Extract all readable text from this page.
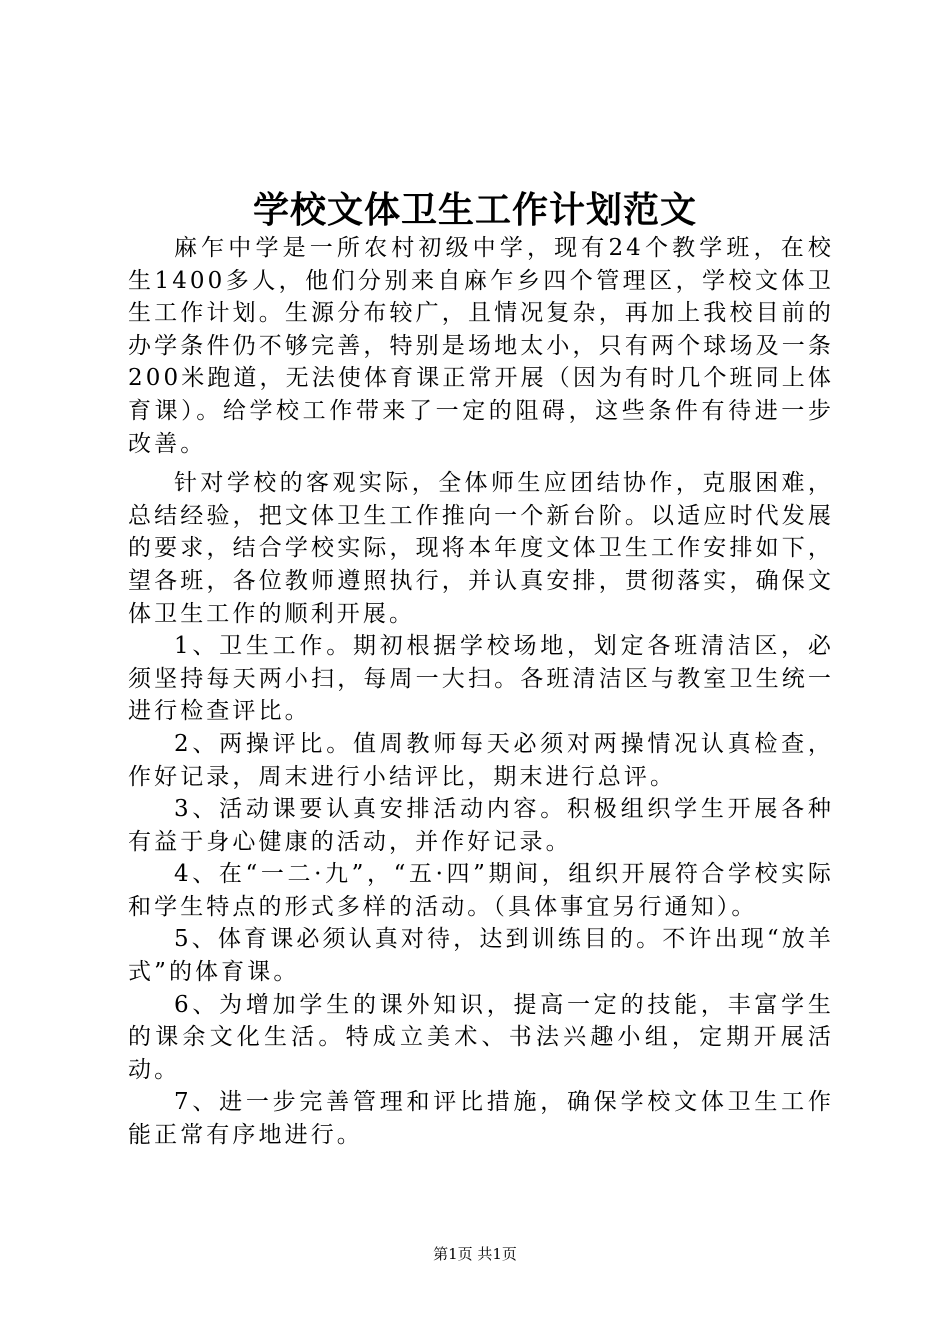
学校文体卫生工作计划范文

麻乍中学是一所农村初级中学，现有24个教学班，在校生1400多人，他们分别来自麻乍乡四个管理区，学校文体卫生工作计划。生源分布较广，且情况复杂，再加上我校目前的办学条件仍不够完善，特别是场地太小，只有两个球场及一条200米跑道，无法使体育课正常开展（因为有时几个班同上体育课）。给学校工作带来了一定的阻碍，这些条件有待进一步改善。

针对学校的客观实际，全体师生应团结协作，克服困难，总结经验，把文体卫生工作推向一个新台阶。以适应时代发展的要求，结合学校实际，现将本年度文体卫生工作安排如下，望各班，各位教师遵照执行，并认真安排，贯彻落实，确保文体卫生工作的顺利开展。

1、卫生工作。期初根据学校场地，划定各班清洁区，必须坚持每天两小扫，每周一大扫。各班清洁区与教室卫生统一进行检查评比。

2、两操评比。值周教师每天必须对两操情况认真检查，作好记录，周末进行小结评比，期末进行总评。

3、活动课要认真安排活动内容。积极组织学生开展各种有益于身心健康的活动，并作好记录。

4、在“一二·九”，“五·四”期间，组织开展符合学校实际和学生特点的形式多样的活动。（具体事宜另行通知）。

5、体育课必须认真对待，达到训练目的。不许出现“放羊式”的体育课。

6、为增加学生的课外知识，提高一定的技能，丰富学生的课余文化生活。特成立美术、书法兴趣小组，定期开展活动。

7、进一步完善管理和评比措施，确保学校文体卫生工作能正常有序地进行。

第1页 共1页
